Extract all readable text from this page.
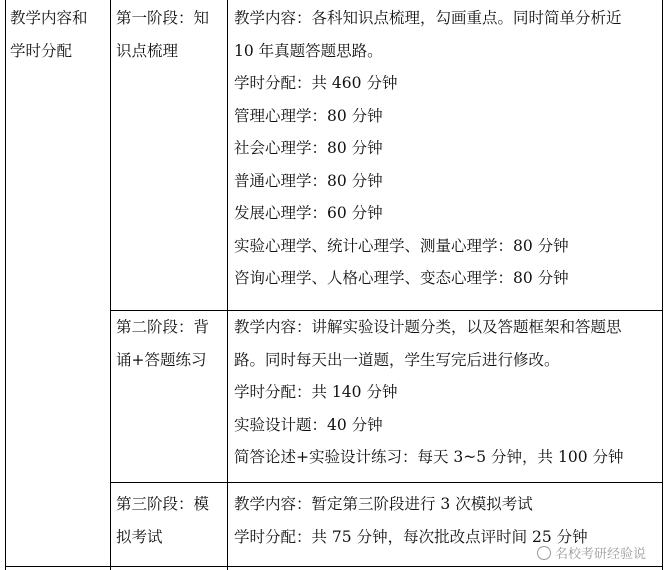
教学内容和

学时分配

第一阶段：知

识点梳理

教学内容：各科知识点梳理，勾画重点。同时简单分析近

10 年真题答题思路。

学时分配：共 460 分钟

管理心理学：80 分钟

社会心理学：80 分钟

普通心理学：80 分钟

发展心理学：60 分钟

实验心理学、统计心理学、测量心理学：80 分钟

咨询心理学、人格心理学、变态心理学：80 分钟

第二阶段：背

诵+答题练习

教学内容：讲解实验设计题分类，以及答题框架和答题思

路。同时每天出一道题，学生写完后进行修改。

学时分配：共 140 分钟

实验设计题：40 分钟

简答论述+实验设计练习：每天 3~5 分钟，共 100 分钟

第三阶段：模

拟考试

教学内容：暂定第三阶段进行 3 次模拟考试

学时分配：共 75 分钟，每次批改点评时间 25 分钟

名校考研经验说
